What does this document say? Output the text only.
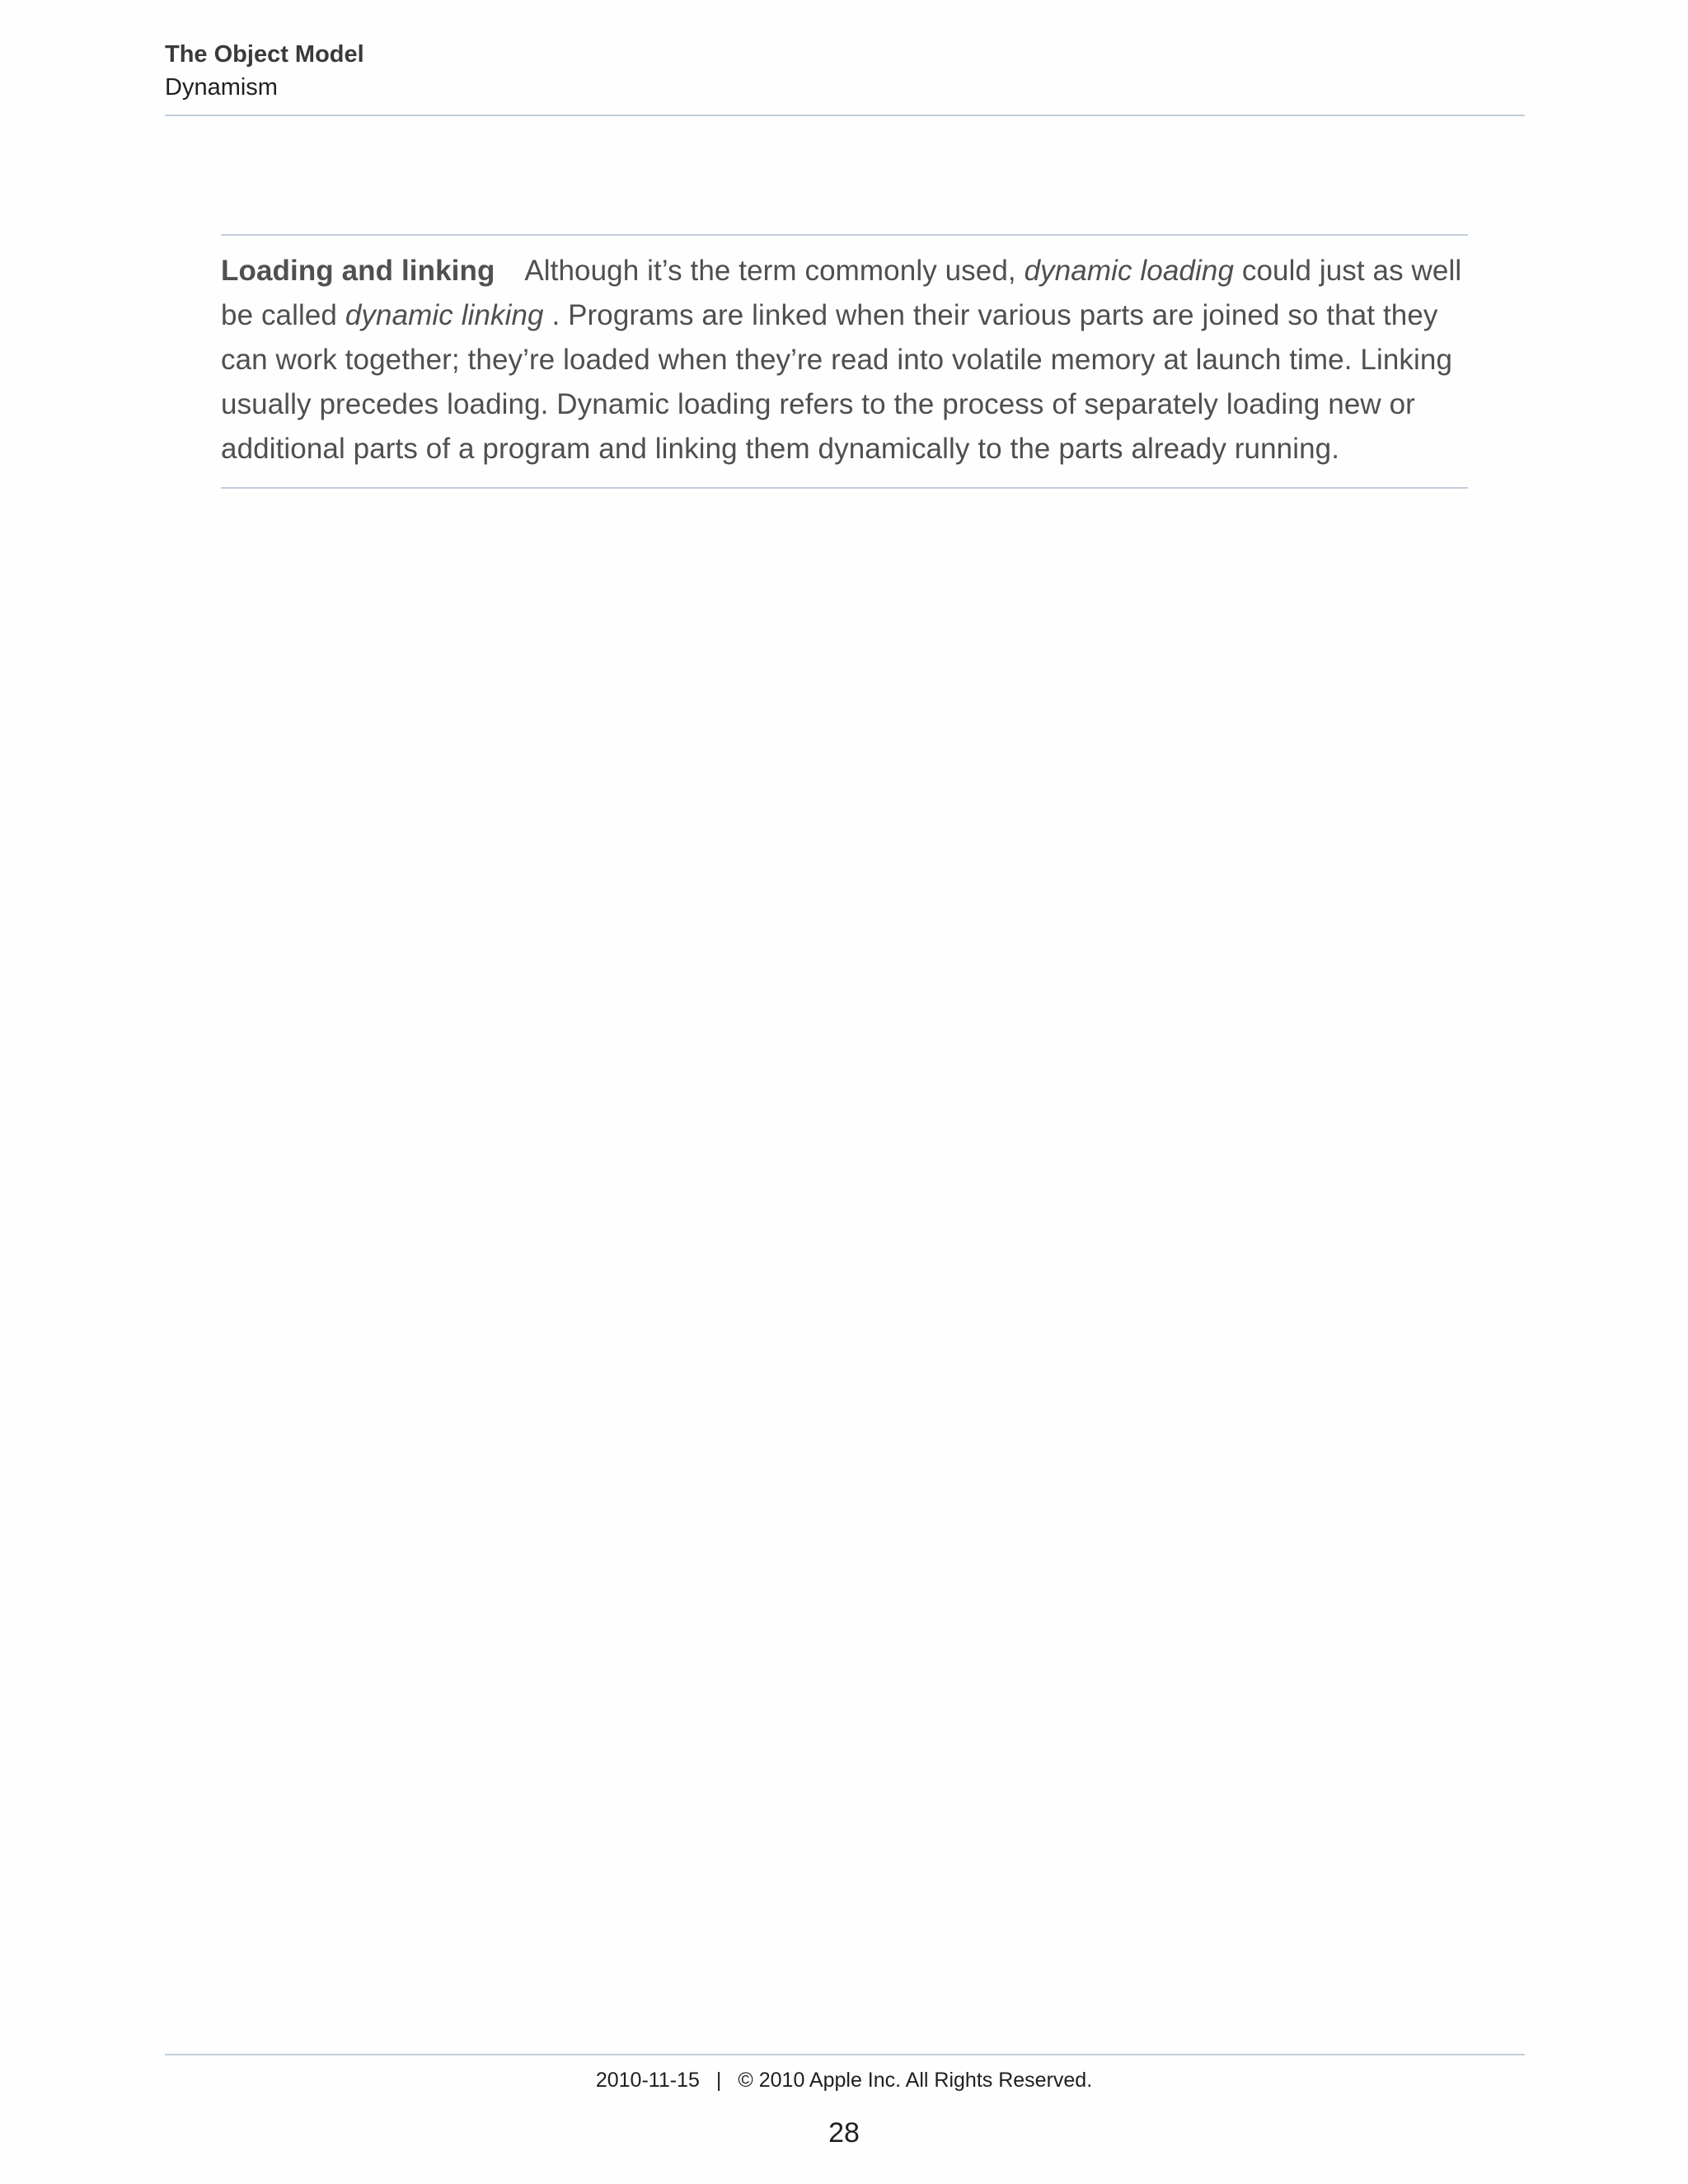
The Object Model
Dynamism

Loading and linking Although it’s the term commonly used, dynamic loading could just as well be called dynamic linking . Programs are linked when their various parts are joined so that they can work together; they’re loaded when they’re read into volatile memory at launch time. Linking usually precedes loading. Dynamic loading refers to the process of separately loading new or additional parts of a program and linking them dynamically to the parts already running.

2010-11-15 | © 2010 Apple Inc. All Rights Reserved.
28
